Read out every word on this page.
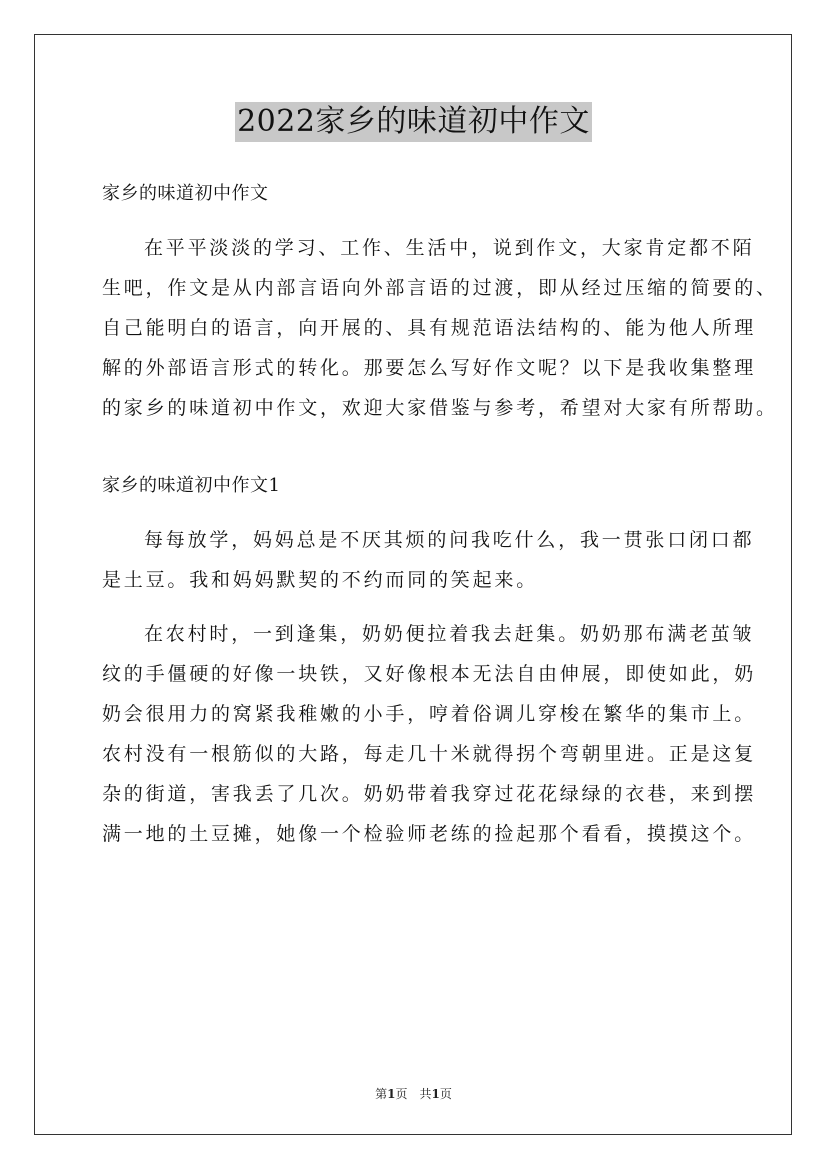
2022家乡的味道初中作文
家乡的味道初中作文
在平平淡淡的学习、工作、生活中，说到作文，大家肯定都不陌
生吧，作文是从内部言语向外部言语的过渡，即从经过压缩的简要的、
自己能明白的语言，向开展的、具有规范语法结构的、能为他人所理
解的外部语言形式的转化。那要怎么写好作文呢？以下是我收集整理
的家乡的味道初中作文，欢迎大家借鉴与参考，希望对大家有所帮助。
家乡的味道初中作文1
每每放学，妈妈总是不厌其烦的问我吃什么，我一贯张口闭口都
是土豆。我和妈妈默契的不约而同的笑起来。
在农村时，一到逢集，奶奶便拉着我去赶集。奶奶那布满老茧皱
纹的手僵硬的好像一块铁，又好像根本无法自由伸展，即使如此，奶
奶会很用力的窝紧我稚嫩的小手，哼着俗调儿穿梭在繁华的集市上。
农村没有一根筋似的大路，每走几十米就得拐个弯朝里进。正是这复
杂的街道，害我丢了几次。奶奶带着我穿过花花绿绿的衣巷，来到摆
满一地的土豆摊，她像一个检验师老练的捡起那个看看，摸摸这个。
第1页 共1页
